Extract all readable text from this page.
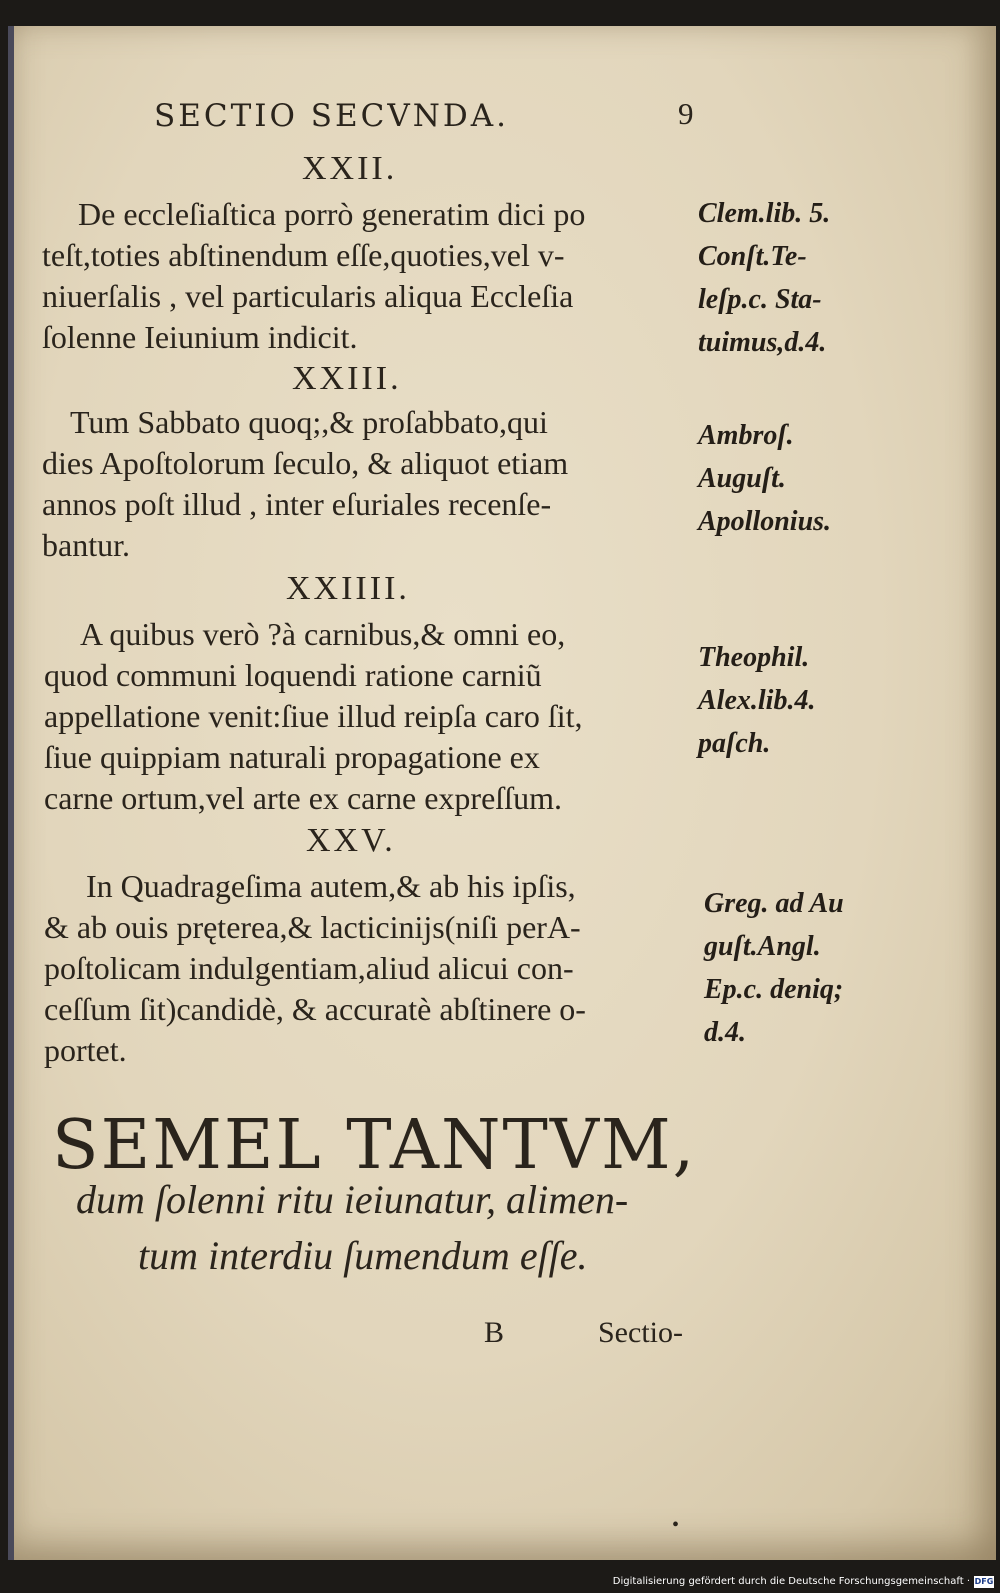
SECTIO SECVNDA.	9
XXII.
De eccleſiaſtica porrò generatim dici po
teſt,toties abſtinendum eſſe,quoties,vel v-
niuerſalis , vel particularis aliqua Eccleſia
ſolenne Ieiunium indicit.
Clem.lib. 5.
Conſt.Te-
leſp.c. Sta-
tuimus,d.4.
XXIII.
Tum Sabbato quoq;,& proſabbato,qui
dies Apoſtolorum ſeculo, & aliquot etiam
annos poſt illud , inter eſuriales recenſe-
bantur.
Ambroſ.
Auguſt.
Apollonius.
XXIIII.
A quibus verò ?à carnibus,& omni eo,
quod communi loquendi ratione carniũ
appellatione venit:ſiue illud reipſa caro ſit,
ſiue quippiam naturali propagatione ex
carne ortum,vel arte ex carne expreſſum.
Theophil.
Alex.lib.4.
paſch.
XXV.
In Quadrageſima autem,& ab his ipſis,
& ab ouis pręterea,& lacticinijs(niſi perA-
poſtolicam indulgentiam,aliud alicui con-
ceſſum ſit)candidè, & accuratè abſtinere o-
portet.
Greg. ad Au
guſt.Angl.
Ep.c. deniq;
d.4.
SEMEL TANTVM,
dum ſolenni ritu ieiunatur, alimen-
tum interdiu ſumendum eſſe.
B	Sectio-
•
Digitalisierung gefördert durch die Deutsche Forschungsgemeinschaft · DFG
